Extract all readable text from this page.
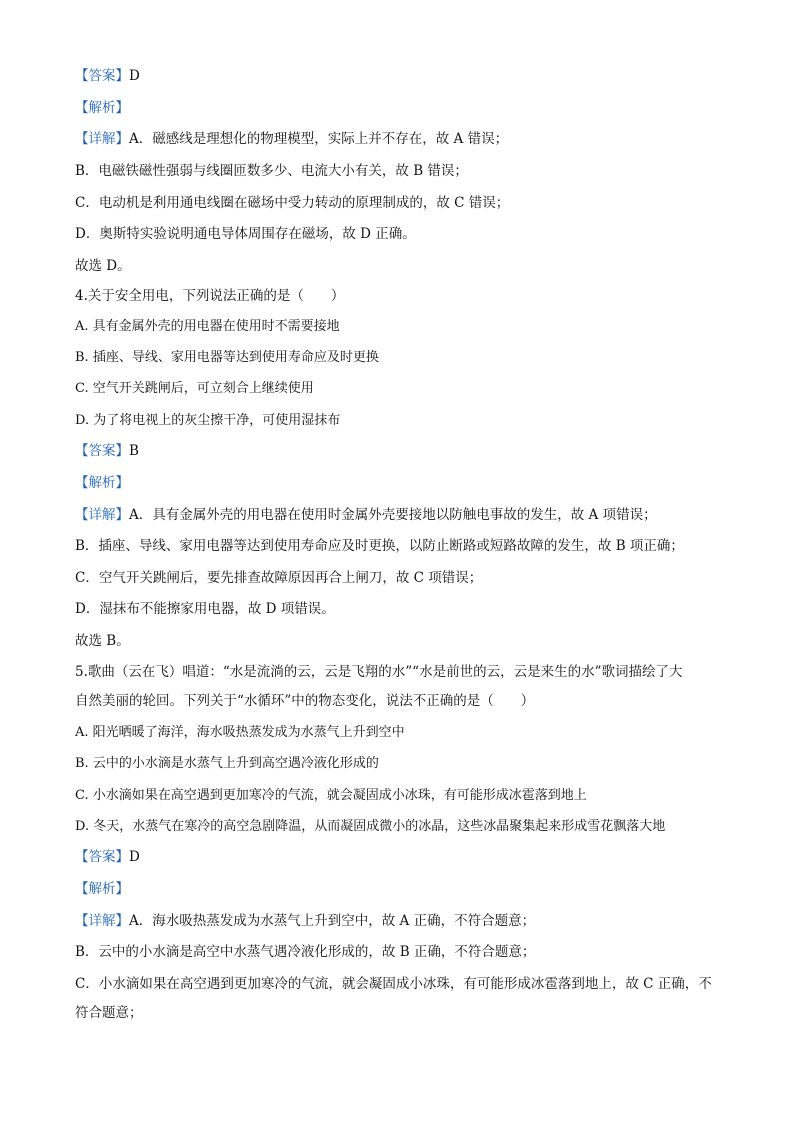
【答案】D
【解析】
【详解】A．磁感线是理想化的物理模型，实际上并不存在，故 A 错误；
B．电磁铁磁性强弱与线圈匝数多少、电流大小有关，故 B 错误；
C．电动机是利用通电线圈在磁场中受力转动的原理制成的，故 C 错误；
D．奥斯特实验说明通电导体周围存在磁场，故 D 正确。
故选 D。
4.关于安全用电，下列说法正确的是（　　）
A. 具有金属外壳的用电器在使用时不需要接地
B. 插座、导线、家用电器等达到使用寿命应及时更换
C. 空气开关跳闸后，可立刻合上继续使用
D. 为了将电视上的灰尘擦干净，可使用湿抹布
【答案】B
【解析】
【详解】A．具有金属外壳的用电器在使用时金属外壳要接地以防触电事故的发生，故 A 项错误；
B．插座、导线、家用电器等达到使用寿命应及时更换，以防止断路或短路故障的发生，故 B 项正确；
C．空气开关跳闸后，要先排查故障原因再合上闸刀，故 C 项错误；
D．湿抹布不能擦家用电器，故 D 项错误。
故选 B。
5.歌曲（云在飞）唱道：“水是流淌的云，云是飞翔的水”“水是前世的云，云是来生的水”歌词描绘了大
自然美丽的轮回。下列关于“水循环”中的物态变化，说法不正确的是（　　）
A. 阳光晒暖了海洋，海水吸热蒸发成为水蒸气上升到空中
B. 云中的小水滴是水蒸气上升到高空遇冷液化形成的
C. 小水滴如果在高空遇到更加寒冷的气流，就会凝固成小冰珠，有可能形成冰雹落到地上
D. 冬天，水蒸气在寒冷的高空急剧降温，从而凝固成微小的冰晶，这些冰晶聚集起来形成雪花飘落大地
【答案】D
【解析】
【详解】A．海水吸热蒸发成为水蒸气上升到空中，故 A 正确，不符合题意；
B．云中的小水滴是高空中水蒸气遇冷液化形成的，故 B 正确，不符合题意；
C．小水滴如果在高空遇到更加寒冷的气流，就会凝固成小冰珠，有可能形成冰雹落到地上，故 C 正确，不
符合题意；
